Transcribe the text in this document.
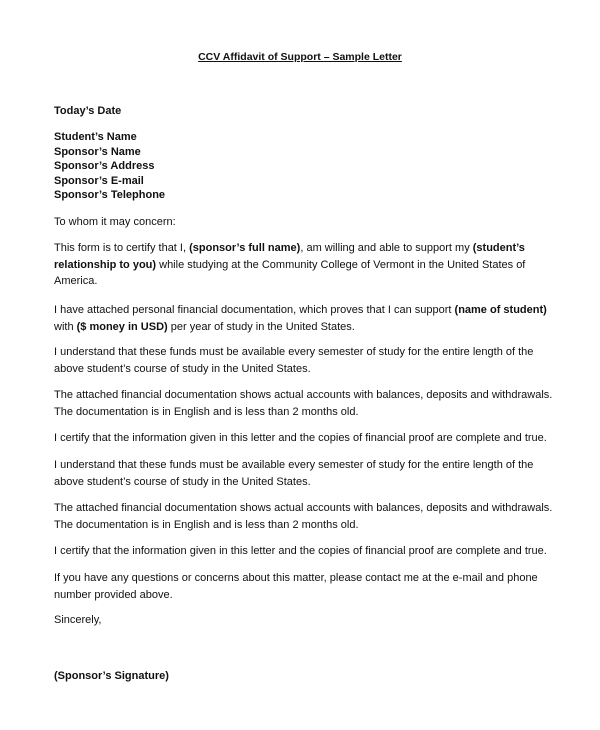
CCV Affidavit of Support – Sample Letter
Today’s Date
Student’s Name
Sponsor’s Name
Sponsor’s Address
Sponsor’s E-mail
Sponsor’s Telephone
To whom it may concern:
This form is to certify that I, (sponsor’s full name), am willing and able to support my (student’s relationship to you) while studying at the Community College of Vermont in the United States of America.
I have attached personal financial documentation, which proves that I can support (name of student) with ($ money in USD) per year of study in the United States.
I understand that these funds must be available every semester of study for the entire length of the above student’s course of study in the United States.
The attached financial documentation shows actual accounts with balances, deposits and withdrawals. The documentation is in English and is less than 2 months old.
I certify that the information given in this letter and the copies of financial proof are complete and true.
I understand that these funds must be available every semester of study for the entire length of the above student’s course of study in the United States.
The attached financial documentation shows actual accounts with balances, deposits and withdrawals. The documentation is in English and is less than 2 months old.
I certify that the information given in this letter and the copies of financial proof are complete and true.
If you have any questions or concerns about this matter, please contact me at the e-mail and phone number provided above.
Sincerely,
(Sponsor’s Signature)
